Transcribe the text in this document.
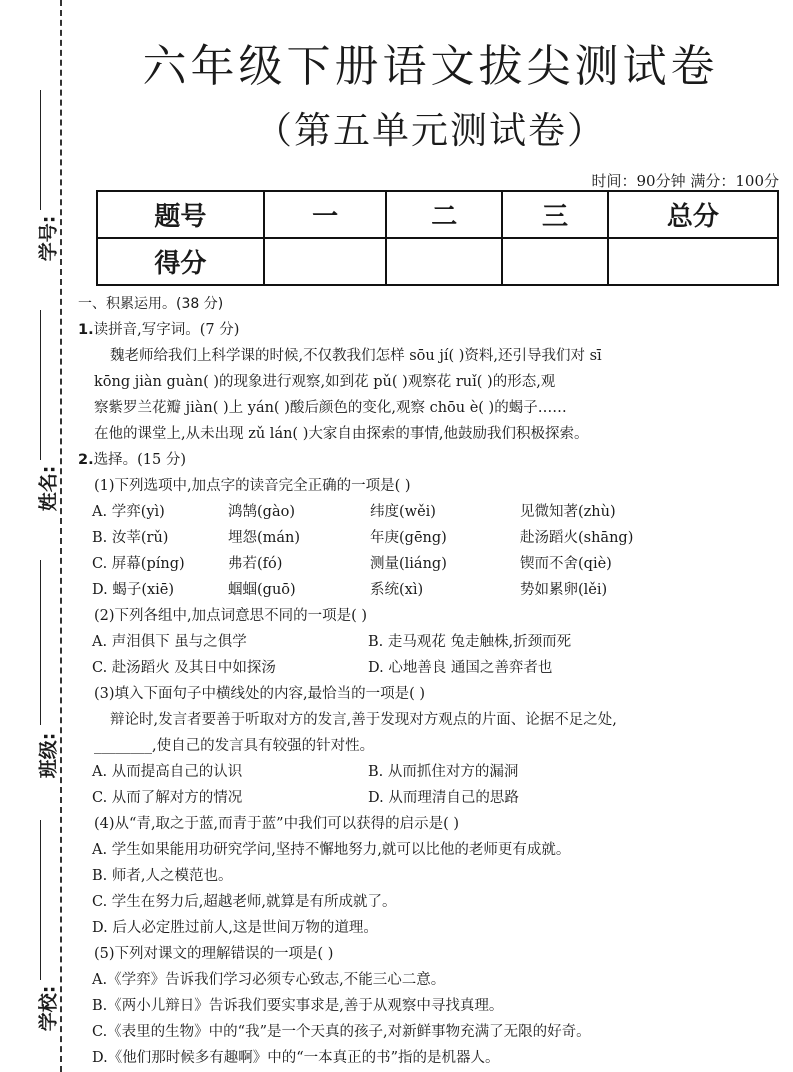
学号:
姓名:
班级:
学校:
六年级下册语文拔尖测试卷
（第五单元测试卷）
时间：90分钟 满分：100分
题号	一	二	三	总分
得分				
一、积累运用。(38 分)
1.读拼音,写字词。(7 分)
魏老师给我们上科学课的时候,不仅教我们怎样 sōu jí( )资料,还引导我们对 sī
kōng jiàn guàn( )的现象进行观察,如到花 pǔ( )观察花 ruǐ( )的形态,观
察紫罗兰花瓣 jiàn( )上 yán( )酸后颜色的变化,观察 chōu è( )的蝎子……
在他的课堂上,从未出现 zǔ lán( )大家自由探索的事情,他鼓励我们积极探索。
2.选择。(15 分)
(1)下列选项中,加点字的读音完全正确的一项是( )
A. 学弈(yì)	鸿鹄(gào)	纬度(wěi)	见微知著(zhù)
B. 汝莘(rǔ)	埋怨(mán)	年庚(gēng)	赴汤蹈火(shāng)
C. 屏幕(píng)	弗若(fó)	测量(liáng)	锲而不舍(qiè)
D. 蝎子(xiē)	蝈蝈(guō)	系统(xì)	势如累卵(lěi)
(2)下列各组中,加点词意思不同的一项是( )
A. 声泪俱下 虽与之俱学	B. 走马观花 兔走触株,折颈而死
C. 赴汤蹈火 及其日中如探汤	D. 心地善良 通国之善弈者也
(3)填入下面句子中横线处的内容,最恰当的一项是( )
辩论时,发言者要善于听取对方的发言,善于发现对方观点的片面、论据不足之处,
________,使自己的发言具有较强的针对性。
A. 从而提高自己的认识	B. 从而抓住对方的漏洞
C. 从而了解对方的情况	D. 从而理清自己的思路
(4)从“青,取之于蓝,而青于蓝”中我们可以获得的启示是( )
A. 学生如果能用功研究学问,坚持不懈地努力,就可以比他的老师更有成就。
B. 师者,人之模范也。
C. 学生在努力后,超越老师,就算是有所成就了。
D. 后人必定胜过前人,这是世间万物的道理。
(5)下列对课文的理解错误的一项是( )
A.《学弈》告诉我们学习必须专心致志,不能三心二意。
B.《两小儿辩日》告诉我们要实事求是,善于从观察中寻找真理。
C.《表里的生物》中的“我”是一个天真的孩子,对新鲜事物充满了无限的好奇。
D.《他们那时候多有趣啊》中的“一本真正的书”指的是机器人。
